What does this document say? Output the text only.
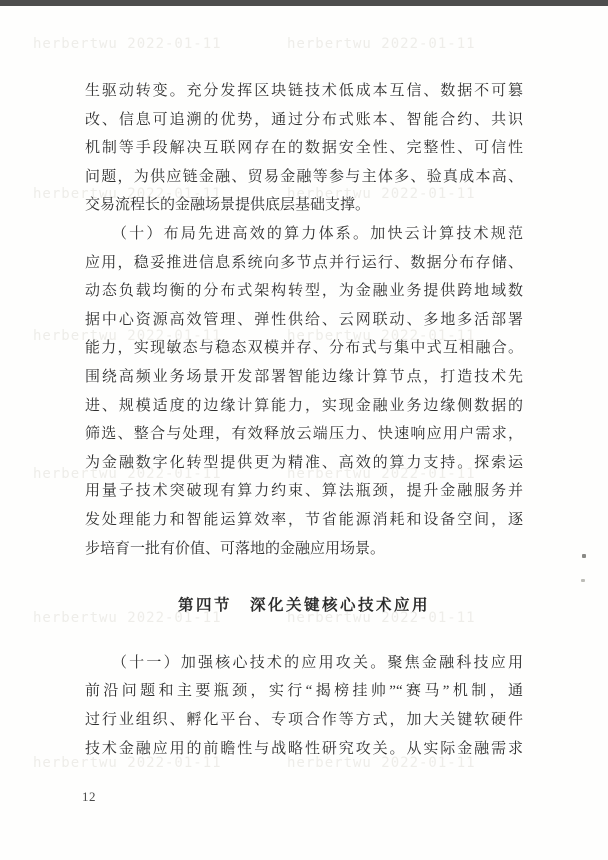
herbertwu 2022-01-11	herbertwu 2022-01-11
herbertwu 2022-01-11	herbertwu 2022-01-11
herbertwu 2022-01-11	herbertwu 2022-01-11
herbertwu 2022-01-11	herbertwu 2022-01-11
herbertwu 2022-01-11	herbertwu 2022-01-11
herbertwu 2022-01-11	herbertwu 2022-01-11
生驱动转变。充分发挥区块链技术低成本互信、数据不可篡
改、信息可追溯的优势，通过分布式账本、智能合约、共识
机制等手段解决互联网存在的数据安全性、完整性、可信性
问题，为供应链金融、贸易金融等参与主体多、验真成本高、
交易流程长的金融场景提供底层基础支撑。
　　（十）布局先进高效的算力体系。加快云计算技术规范
应用，稳妥推进信息系统向多节点并行运行、数据分布存储、
动态负载均衡的分布式架构转型，为金融业务提供跨地域数
据中心资源高效管理、弹性供给、云网联动、多地多活部署
能力，实现敏态与稳态双模并存、分布式与集中式互相融合。
围绕高频业务场景开发部署智能边缘计算节点，打造技术先
进、规模适度的边缘计算能力，实现金融业务边缘侧数据的
筛选、整合与处理，有效释放云端压力、快速响应用户需求，
为金融数字化转型提供更为精准、高效的算力支持。探索运
用量子技术突破现有算力约束、算法瓶颈，提升金融服务并
发处理能力和智能运算效率，节省能源消耗和设备空间，逐
步培育一批有价值、可落地的金融应用场景。
第四节　深化关键核心技术应用
　　（十一）加强核心技术的应用攻关。聚焦金融科技应用
前沿问题和主要瓶颈，实行“揭榜挂帅”“赛马”机制，通
过行业组织、孵化平台、专项合作等方式，加大关键软硬件
技术金融应用的前瞻性与战略性研究攻关。从实际金融需求
12
